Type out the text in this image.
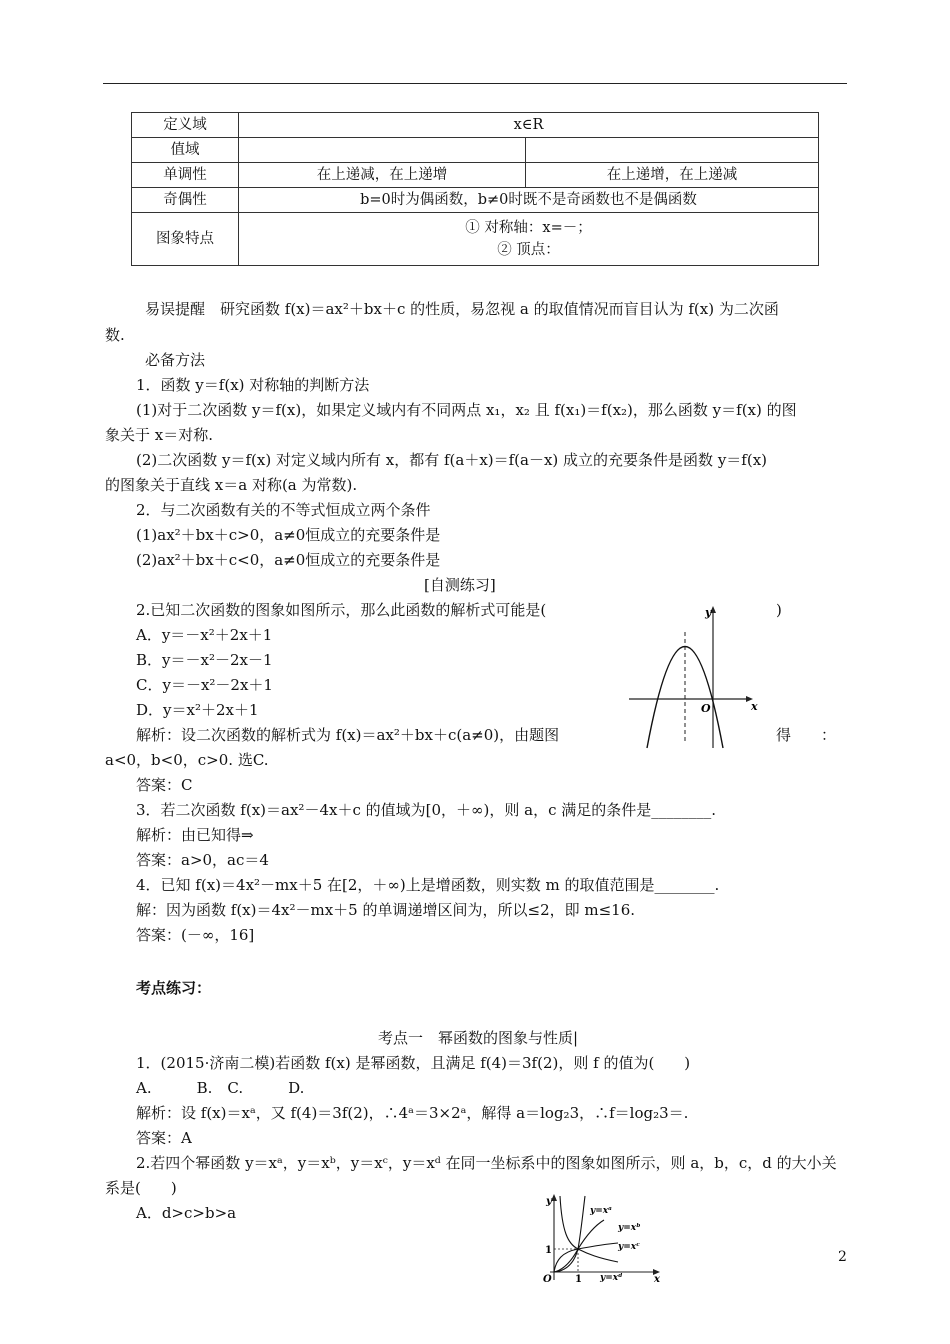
定义域	x∈R	
值域		
单调性	在上递减，在上递增	在上递增，在上递减
奇偶性	b=0时为偶函数，b≠0时既不是奇函数也不是偶函数	
图象特点	① 对称轴：x=－；
② 顶点：	
易误提醒　研究函数 f(x)＝ax²＋bx＋c 的性质，易忽视 a 的取值情况而盲目认为 f(x) 为二次函
数.
必备方法
1．函数 y＝f(x) 对称轴的判断方法
(1)对于二次函数 y＝f(x)，如果定义域内有不同两点 x₁，x₂ 且 f(x₁)＝f(x₂)，那么函数 y＝f(x) 的图
象关于 x＝对称.
(2)二次函数 y＝f(x) 对定义域内所有 x，都有 f(a＋x)＝f(a－x) 成立的充要条件是函数 y＝f(x)
的图象关于直线 x＝a 对称(a 为常数).
2．与二次函数有关的不等式恒成立两个条件
(1)ax²＋bx＋c>0，a≠0恒成立的充要条件是
(2)ax²＋bx＋c<0，a≠0恒成立的充要条件是
[自测练习]
2.已知二次函数的图象如图所示，那么此函数的解析式可能是(	)
A．y＝－x²＋2x＋1
B．y＝－x²－2x－1
C．y＝－x²－2x＋1
D．y＝x²＋2x＋1
解析：设二次函数的解析式为 f(x)＝ax²＋bx＋c(a≠0)，由题图	得　　：
a<0，b<0，c>0. 选C.
答案：C
3．若二次函数 f(x)＝ax²－4x＋c 的值域为[0，＋∞)，则 a，c 满足的条件是________.
解析：由已知得⇒
答案：a>0，ac＝4
4．已知 f(x)＝4x²－mx＋5 在[2，＋∞)上是增函数，则实数 m 的取值范围是________.
解：因为函数 f(x)＝4x²－mx＋5 的单调递增区间为，所以≤2，即 m≤16.
答案：(－∞，16]
考点练习：
考点一　幂函数的图象与性质|
1．(2015·济南二模)若函数 f(x) 是幂函数，且满足 f(4)＝3f(2)，则 f 的值为(　　)
A.　　　B.　C.　　　D.
解析：设 f(x)＝xᵃ，又 f(4)＝3f(2)，∴4ᵃ＝3×2ᵃ，解得 a＝log₂3，∴f＝log₂3＝.
答案：A
2.若四个幂函数 y＝xᵃ，y＝xᵇ，y＝xᶜ，y＝xᵈ 在同一坐标系中的图象如图所示，则 a，b，c，d 的大小关
系是(　　)
A．d>c>b>a
y
x
O
y
x
O 1
1
y=xᵃ
y=xᵇ
y=xᶜ
y=xᵈ
2
